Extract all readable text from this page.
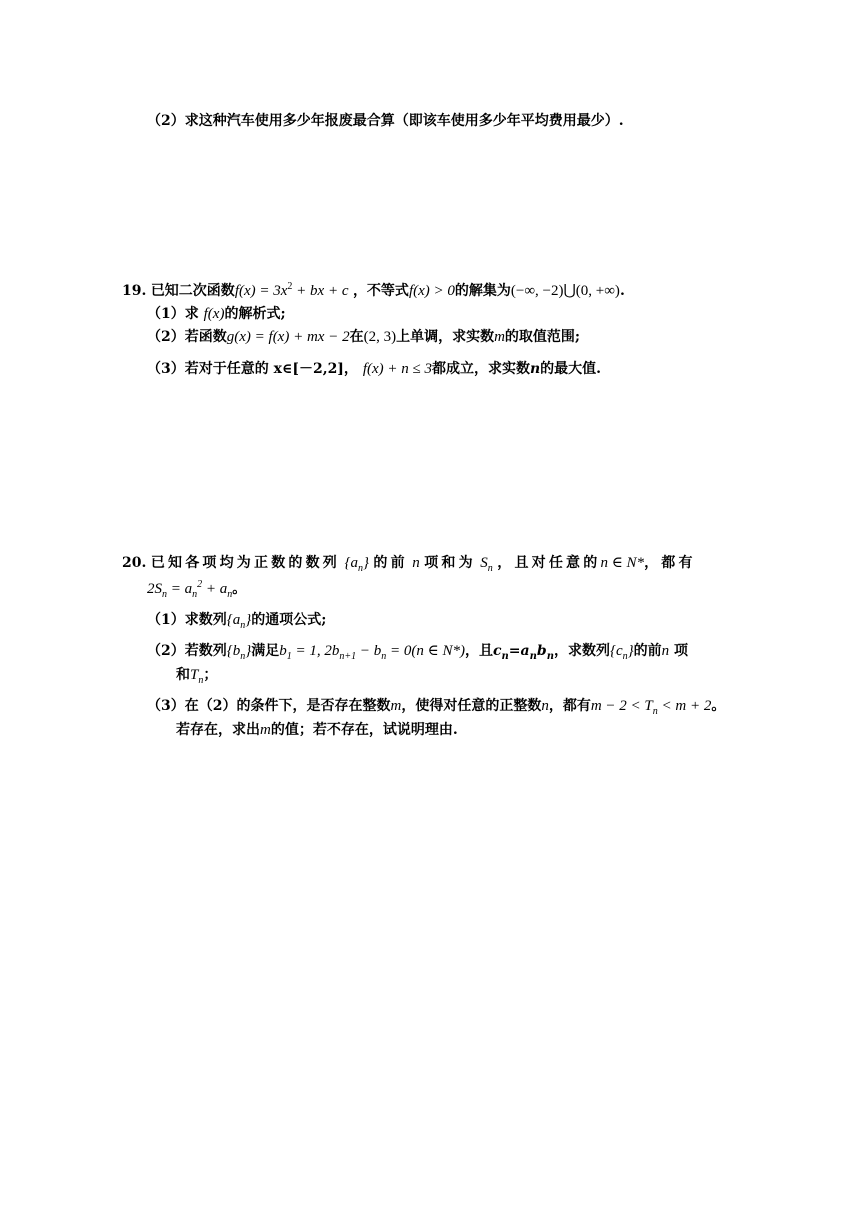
（2）求这种汽车使用多少年报废最合算（即该车使用多少年平均费用最少）.
19. 已知二次函数$f(x) = 3x^2$ + bx + c ，不等式f(x) > 0的解集为(−∞, −2)⋃(0, +∞).
（1）求 f(x)的解析式;
（2）若函数g(x) = f(x) + mx − 2在(2, 3)上单调，求实数m的取值范围;
（3）若对于任意的 x∈[－2,2]， f(x) + n ≤ 3都成立，求实数n的最大值.
20. 已知各项均为正数的数列 $\{a_n\}$ 的前 n 项和为 $S_n$ ，且对任意的n ∈ N*，都有
$2S_n = a_n^2 + a_n$。
（1）求数列$\{a_n\}$的通项公式;
（2）若数列$\{b_n\}$满足$b_1 = 1$, $2b_{n+1} - b_n = 0(n$ ∈ N*)，且$c_n=a_nb_n$，求数列$\{c_n\}$的前n 项
和$T_n$；
（3）在（2）的条件下，是否存在整数m，使得对任意的正整数n，都有$m - 2 < T_n < m + 2$。
若存在，求出m的值；若不存在，试说明理由.
